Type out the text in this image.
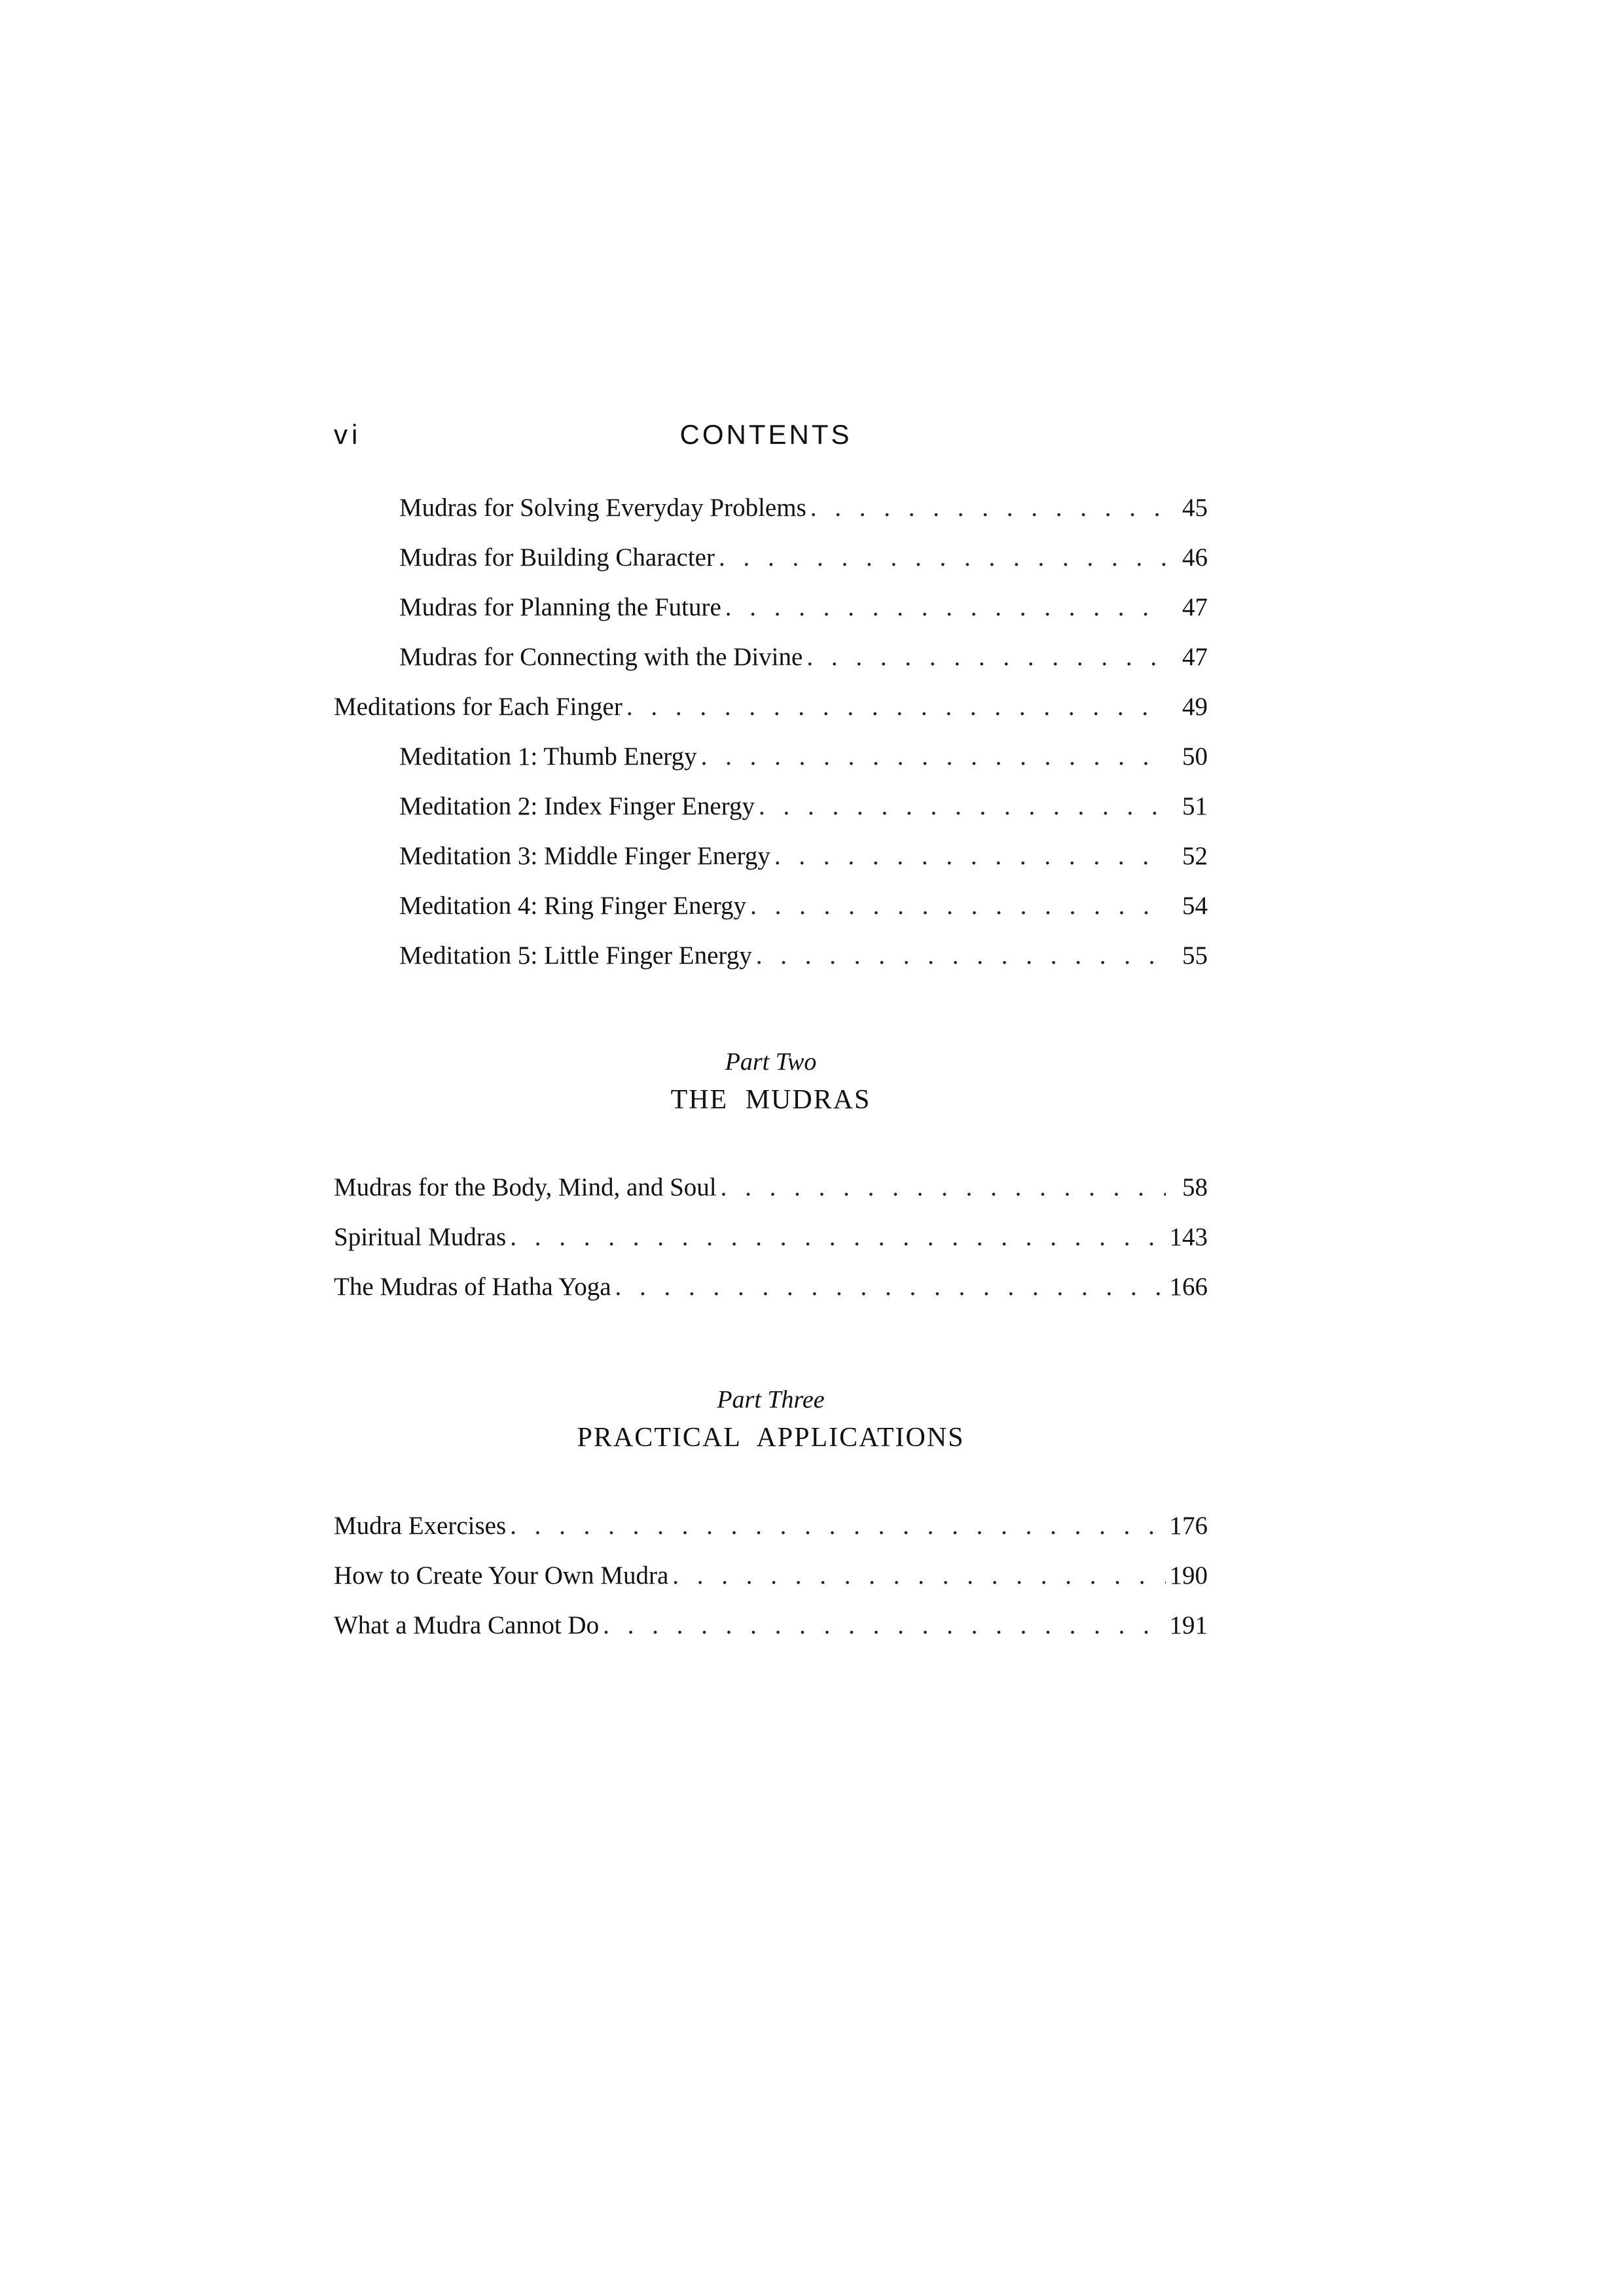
vi	CONTENTS
Mudras for Solving Everyday Problems . . .	45
Mudras for Building Character . . .	46
Mudras for Planning the Future . . .	47
Mudras for Connecting with the Divine . . .	47
Meditations for Each Finger . . .	49
Meditation 1: Thumb Energy . . .	50
Meditation 2: Index Finger Energy . . .	51
Meditation 3: Middle Finger Energy . . .	52
Meditation 4: Ring Finger Energy . . .	54
Meditation 5: Little Finger Energy . . .	55
Part Two
THE MUDRAS
Mudras for the Body, Mind, and Soul . . .	58
Spiritual Mudras . . .	143
The Mudras of Hatha Yoga . . .	166
Part Three
PRACTICAL APPLICATIONS
Mudra Exercises . . .	176
How to Create Your Own Mudra . . .	190
What a Mudra Cannot Do . . .	191
